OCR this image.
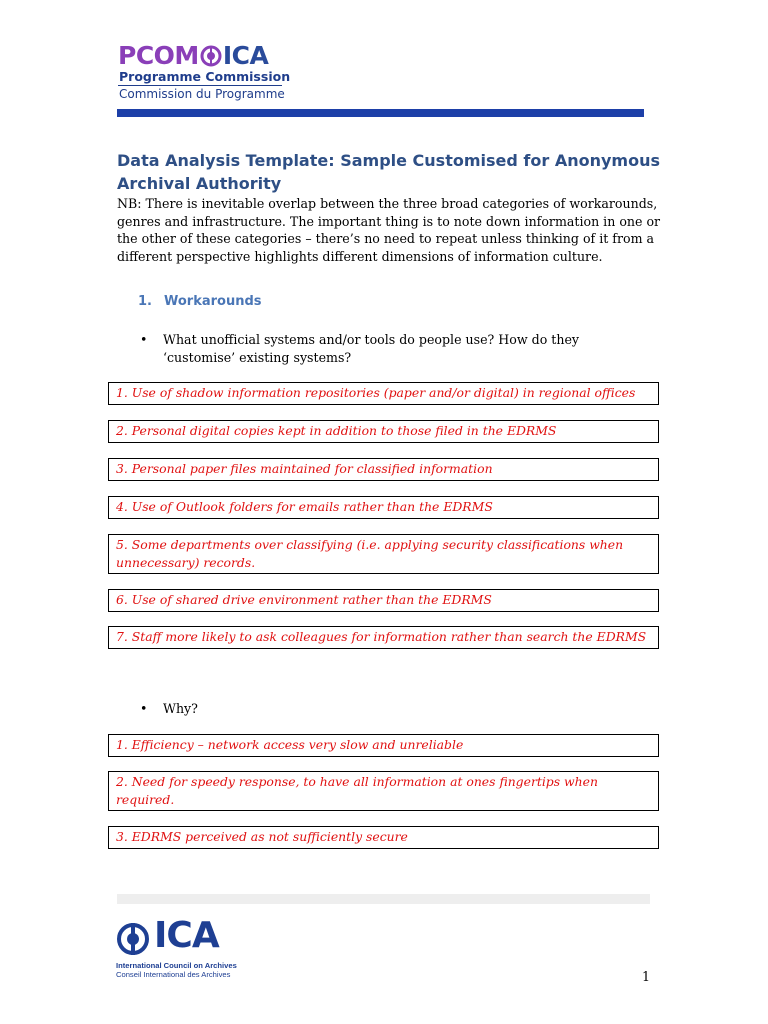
PCOM ICA
Programme Commission
Commission du Programme
Data Analysis Template: Sample Customised for Anonymous Archival Authority
NB: There is inevitable overlap between the three broad categories of workarounds, genres and infrastructure. The important thing is to note down information in one or the other of these categories – there’s no need to repeat unless thinking of it from a different perspective highlights different dimensions of information culture.
1. Workarounds
• What unofficial systems and/or tools do people use? How do they ‘customise’ existing systems?
1. Use of shadow information repositories (paper and/or digital) in regional offices
2. Personal digital copies kept in addition to those filed in the EDRMS
3. Personal paper files maintained for classified information
4. Use of Outlook folders for emails rather than the EDRMS
5. Some departments over classifying (i.e. applying security classifications when unnecessary) records.
6. Use of shared drive environment rather than the EDRMS
7. Staff more likely to ask colleagues for information rather than search the EDRMS
• Why?
1. Efficiency – network access very slow and unreliable
2. Need for speedy response, to have all information at ones fingertips when required.
3. EDRMS perceived as not sufficiently secure
ICA
International Council on Archives
Conseil International des Archives	1
